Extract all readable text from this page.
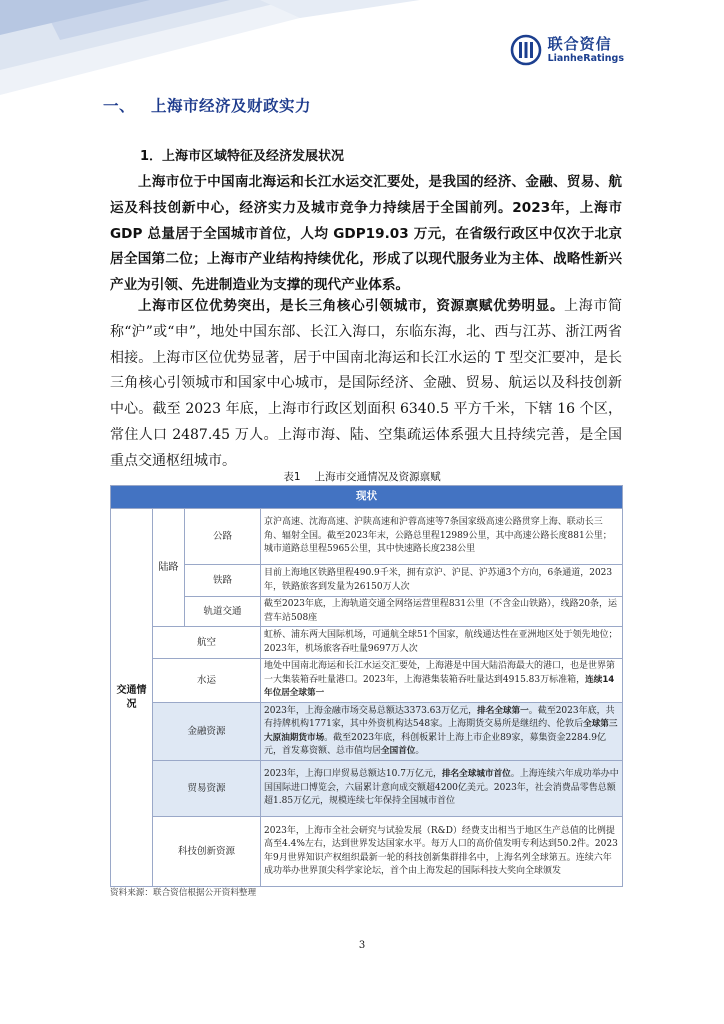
联合资信
LianheRatings
一、 上海市经济及财政实力
1．上海市区域特征及经济发展状况
上海市位于中国南北海运和长江水运交汇要处，是我国的经济、金融、贸易、航运及科技创新中心，经济实力及城市竞争力持续居于全国前列。2023年，上海市 GDP 总量居于全国城市首位，人均 GDP19.03 万元，在省级行政区中仅次于北京居全国第二位；上海市产业结构持续优化，形成了以现代服务业为主体、战略性新兴产业为引领、先进制造业为支撑的现代产业体系。
上海市区位优势突出，是长三角核心引领城市，资源禀赋优势明显。上海市简称“沪”或“申”，地处中国东部、长江入海口，东临东海，北、西与江苏、浙江两省相接。上海市区位优势显著，居于中国南北海运和长江水运的 T 型交汇要冲，是长三角核心引领城市和国家中心城市，是国际经济、金融、贸易、航运以及科技创新中心。截至 2023 年底，上海市行政区划面积 6340.5 平方千米，下辖 16 个区，常住人口 2487.45 万人。上海市海、陆、空集疏运体系强大且持续完善，是全国重点交通枢纽城市。
表1 上海市交通情况及资源禀赋
现状			
交通情况	陆路	公路	京沪高速、沈海高速、沪陕高速和沪蓉高速等7条国家级高速公路贯穿上海、联动长三角、辐射全国。截至2023年末，公路总里程12989公里，其中高速公路长度881公里；城市道路总里程5965公里，其中快速路长度238公里
		铁路	目前上海地区铁路里程490.9千米，拥有京沪、沪昆、沪苏通3个方向，6条通道，2023年，铁路旅客到发量为26150万人次
		轨道交通	截至2023年底，上海轨道交通全网络运营里程831公里（不含金山铁路），线路20条，运营车站508座
	航空		虹桥、浦东两大国际机场，可通航全球51个国家，航线通达性在亚洲地区处于领先地位；2023年，机场旅客吞吐量9697万人次
	水运		地处中国南北海运和长江水运交汇要处，上海港是中国大陆沿海最大的港口，也是世界第一大集装箱吞吐量港口。2023年，上海港集装箱吞吐量达到4915.83万标准箱，连续14年位居全球第一
	金融资源		2023年，上海金融市场交易总额达3373.63万亿元，排名全球第一。截至2023年底，共有持牌机构1771家，其中外资机构达548家。上海期货交易所是继纽约、伦敦后全球第三大原油期货市场。截至2023年底，科创板累计上海上市企业89家，募集资金2284.9亿元，首发募资额、总市值均居全国首位。
	贸易资源		2023年，上海口岸贸易总额达10.7万亿元，排名全球城市首位。上海连续六年成功举办中国国际进口博览会，六届累计意向成交额超4200亿美元。2023年，社会消费品零售总额超1.85万亿元，规模连续七年保持全国城市首位
	科技创新资源		2023年，上海市全社会研究与试验发展（R&D）经费支出相当于地区生产总值的比例提高至4.4%左右，达到世界发达国家水平。每万人口的高价值发明专利达到50.2件。2023年9月世界知识产权组织最新一轮的科技创新集群排名中，上海名列全球第五。连续六年成功举办世界顶尖科学家论坛，首个由上海发起的国际科技大奖向全球颁发
资料来源：联合资信根据公开资料整理
3
